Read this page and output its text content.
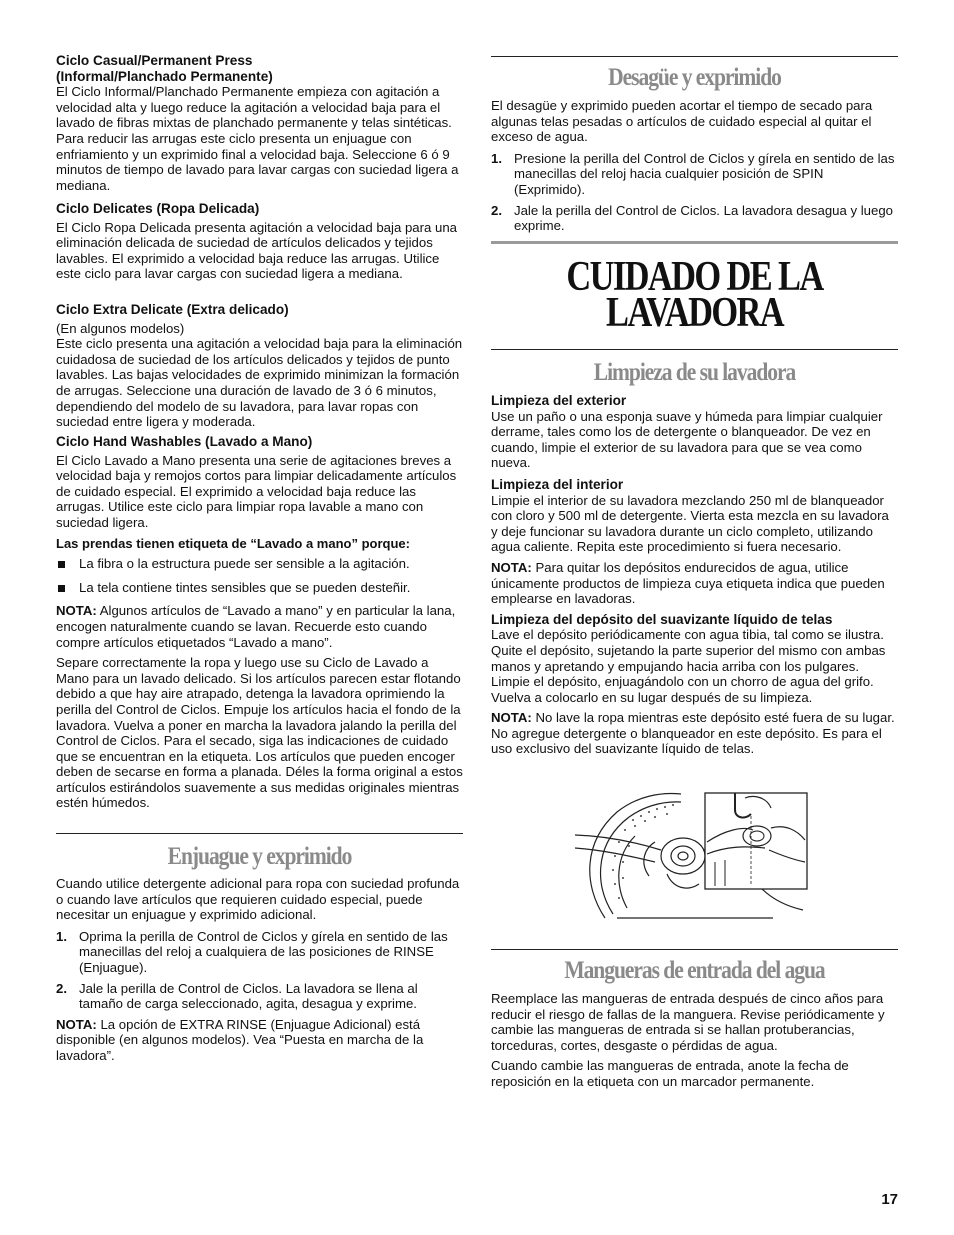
Ciclo Casual/Permanent Press
(Informal/Planchado Permanente)

El Ciclo Informal/Planchado Permanente empieza con agitación a velocidad alta y luego reduce la agitación a velocidad baja para el lavado de fibras mixtas de planchado permanente y telas sintéticas. Para reducir las arrugas este ciclo presenta un enjuague con enfriamiento y un exprimido final a velocidad baja. Seleccione 6 ó 9 minutos de tiempo de lavado para lavar cargas con suciedad ligera a mediana.

Ciclo Delicates (Ropa Delicada)

El Ciclo Ropa Delicada presenta agitación a velocidad baja para una eliminación delicada de suciedad de artículos delicados y tejidos lavables. El exprimido a velocidad baja reduce las arrugas. Utilice este ciclo para lavar cargas con suciedad ligera a mediana.

Ciclo Extra Delicate (Extra delicado)

(En algunos modelos)

Este ciclo presenta una agitación a velocidad baja para la eliminación cuidadosa de suciedad de los artículos delicados y tejidos de punto lavables. Las bajas velocidades de exprimido minimizan la formación de arrugas. Seleccione una duración de lavado de 3 ó 6 minutos, dependiendo del modelo de su lavadora, para lavar ropas con suciedad entre ligera y moderada.

Ciclo Hand Washables (Lavado a Mano)

El Ciclo Lavado a Mano presenta una serie de agitaciones breves a velocidad baja y remojos cortos para limpiar delicadamente artículos de cuidado especial. El exprimido a velocidad baja reduce las arrugas. Utilice este ciclo para limpiar ropa lavable a mano con suciedad ligera.

Las prendas tienen etiqueta de “Lavado a mano” porque:
La fibra o la estructura puede ser sensible a la agitación.
La tela contiene tintes sensibles que se pueden desteñir.

NOTA: Algunos artículos de “Lavado a mano” y en particular la lana, encogen naturalmente cuando se lavan. Recuerde esto cuando compre artículos etiquetados “Lavado a mano”.

Separe correctamente la ropa y luego use su Ciclo de Lavado a Mano para un lavado delicado. Si los artículos parecen estar flotando debido a que hay aire atrapado, detenga la lavadora oprimiendo la perilla del Control de Ciclos. Empuje los artículos hacia el fondo de la lavadora. Vuelva a poner en marcha la lavadora jalando la perilla del Control de Ciclos. Para el secado, siga las indicaciones de cuidado que se encuentran en la etiqueta. Los artículos que pueden encoger deben de secarse en forma a planada. Déles la forma original a estos artículos estirándolos suavemente a sus medidas originales mientras estén húmedos.

Enjuague y exprimido

Cuando utilice detergente adicional para ropa con suciedad profunda o cuando lave artículos que requieren cuidado especial, puede necesitar un enjuague y exprimido adicional.

1. Oprima la perilla de Control de Ciclos y gírela en sentido de las manecillas del reloj a cualquiera de las posiciones de RINSE (Enjuague).
2. Jale la perilla de Control de Ciclos. La lavadora se llena al tamaño de carga seleccionado, agita, desagua y exprime.

NOTA: La opción de EXTRA RINSE (Enjuague Adicional) está disponible (en algunos modelos). Vea “Puesta en marcha de la lavadora”.

Desagüe y exprimido

El desagüe y exprimido pueden acortar el tiempo de secado para algunas telas pesadas o artículos de cuidado especial al quitar el exceso de agua.

1. Presione la perilla del Control de Ciclos y gírela en sentido de las manecillas del reloj hacia cualquier posición de SPIN (Exprimido).
2. Jale la perilla del Control de Ciclos. La lavadora desagua y luego exprime.
CUIDADO DE LA
LAVADORA
Limpieza de su lavadora
Limpieza del exterior

Use un paño o una esponja suave y húmeda para limpiar cualquier derrame, tales como los de detergente o blanqueador. De vez en cuando, limpie el exterior de su lavadora para que se vea como nueva.

Limpieza del interior

Limpie el interior de su lavadora mezclando 250 ml de blanqueador con cloro y 500 ml de detergente. Vierta esta mezcla en su lavadora y deje funcionar su lavadora durante un ciclo completo, utilizando agua caliente. Repita este procedimiento si fuera necesario.

NOTA: Para quitar los depósitos endurecidos de agua, utilice únicamente productos de limpieza cuya etiqueta indica que pueden emplearse en lavadoras.

Limpieza del depósito del suavizante líquido de telas

Lave el depósito periódicamente con agua tibia, tal como se ilustra. Quite el depósito, sujetando la parte superior del mismo con ambas manos y apretando y empujando hacia arriba con los pulgares. Limpie el depósito, enjuagándolo con un chorro de agua del grifo. Vuelva a colocarlo en su lugar después de su limpieza.

NOTA: No lave la ropa mientras este depósito esté fuera de su lugar. No agregue detergente o blanqueador en este depósito. Es para el uso exclusivo del suavizante líquido de telas.

Mangueras de entrada del agua

Reemplace las mangueras de entrada después de cinco años para reducir el riesgo de fallas de la manguera. Revise periódicamente y cambie las mangueras de entrada si se hallan protuberancias, torceduras, cortes, desgaste o pérdidas de agua.

Cuando cambie las mangueras de entrada, anote la fecha de reposición en la etiqueta con un marcador permanente.

17
